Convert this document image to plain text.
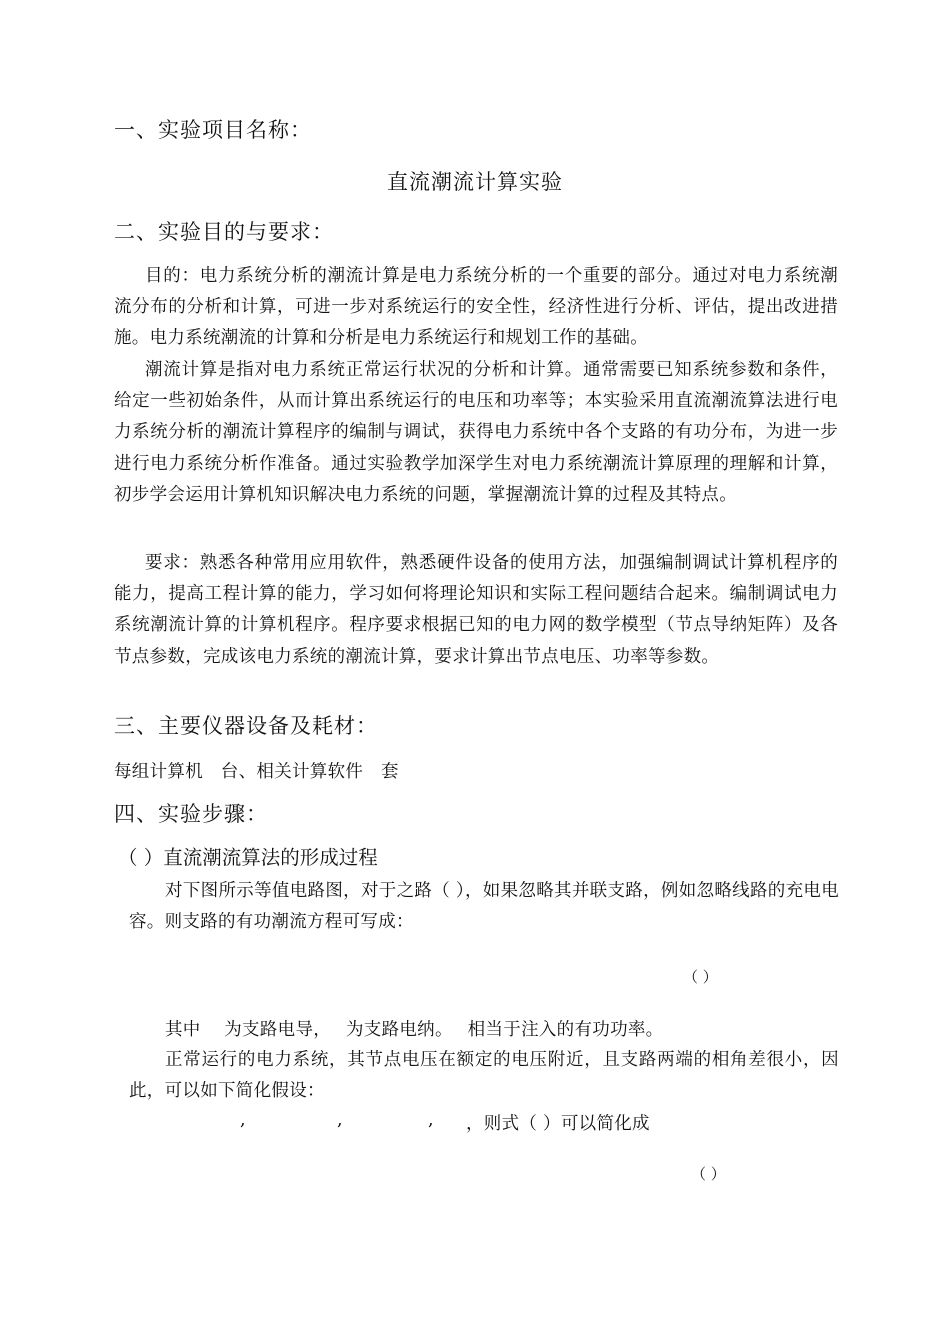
一、实验项目名称：
直流潮流计算实验
二、实验目的与要求：
目的：电力系统分析的潮流计算是电力系统分析的一个重要的部分。通过对电力系统潮流分布的分析和计算，可进一步对系统运行的安全性，经济性进行分析、评估，提出改进措施。电力系统潮流的计算和分析是电力系统运行和规划工作的基础。
潮流计算是指对电力系统正常运行状况的分析和计算。通常需要已知系统参数和条件，给定一些初始条件，从而计算出系统运行的电压和功率等；本实验采用直流潮流算法进行电力系统分析的潮流计算程序的编制与调试，获得电力系统中各个支路的有功分布，为进一步进行电力系统分析作准备。通过实验教学加深学生对电力系统潮流计算原理的理解和计算，初步学会运用计算机知识解决电力系统的问题，掌握潮流计算的过程及其特点。
要求：熟悉各种常用应用软件，熟悉硬件设备的使用方法，加强编制调试计算机程序的能力，提高工程计算的能力，学习如何将理论知识和实际工程问题结合起来。编制调试电力系统潮流计算的计算机程序。程序要求根据已知的电力网的数学模型（节点导纳矩阵）及各节点参数，完成该电力系统的潮流计算，要求计算出节点电压、功率等参数。
三、主要仪器设备及耗材：
每组计算机　台、相关计算软件　套
四、实验步骤：
（ ）直流潮流算法的形成过程
对下图所示等值电路图，对于之路（ ），如果忽略其并联支路，例如忽略线路的充电电容。则支路的有功潮流方程可写成：
（ ）
其中　 为支路电导，　 为支路电纳。　 相当于注入的有功功率。
正常运行的电力系统，其节点电压在额定的电压附近，且支路两端的相角差很小，因此，可以如下简化假设：
,	,	, ，则式（ ）可以简化成
（ ）
